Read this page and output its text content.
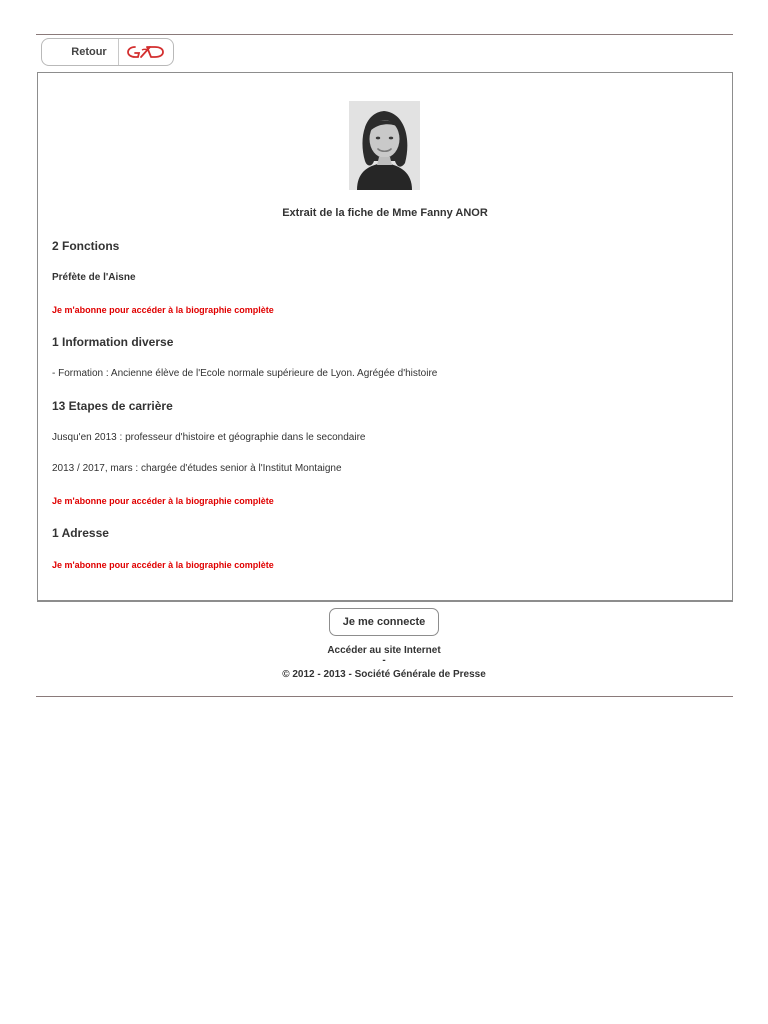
Retour
Extrait de la fiche de Mme Fanny ANOR
2 Fonctions
Préfète de l'Aisne
Je m'abonne pour accéder à la biographie complète
1 Information diverse
- Formation : Ancienne élève de l'Ecole normale supérieure de Lyon. Agrégée d'histoire
13 Etapes de carrière
Jusqu'en 2013 : professeur d'histoire et géographie dans le secondaire
2013 / 2017, mars : chargée d'études senior à l'Institut Montaigne
Je m'abonne pour accéder à la biographie complète
1 Adresse
Je m'abonne pour accéder à la biographie complète
Je me connecte
Accéder au site Internet
-
© 2012 - 2013 - Société Générale de Presse
